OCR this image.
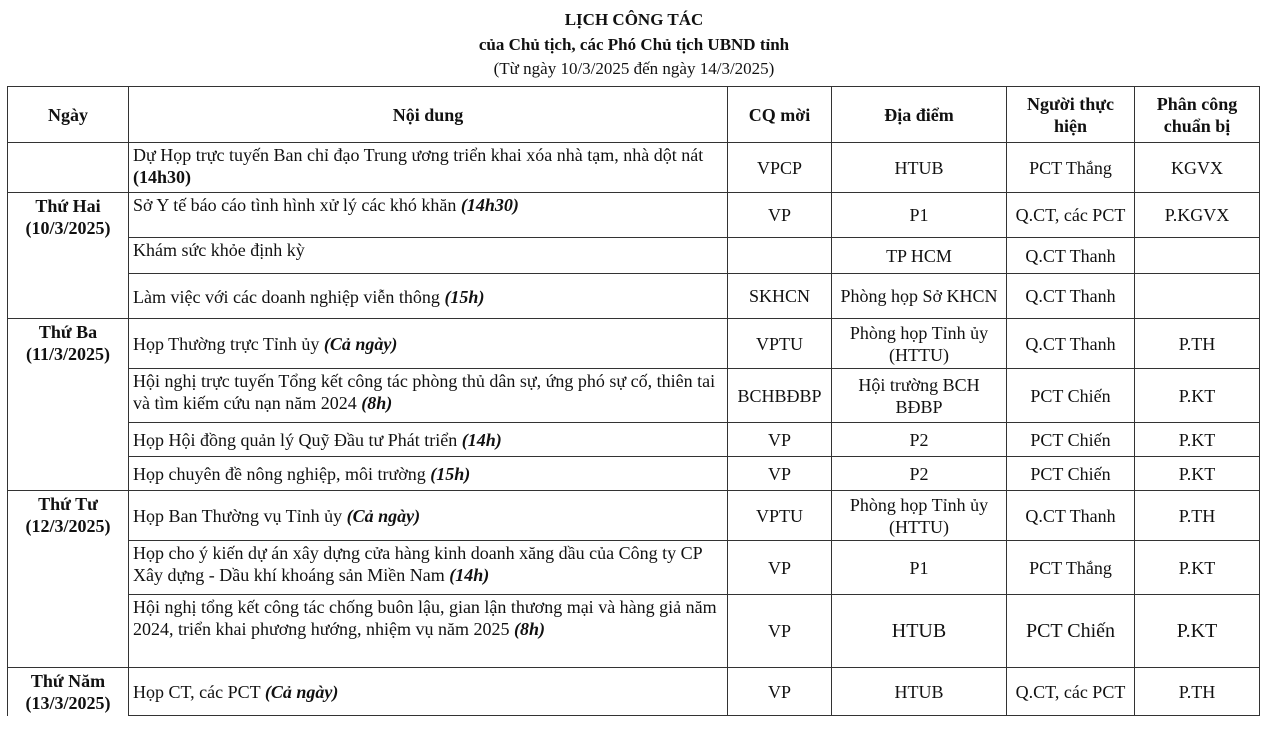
LỊCH CÔNG TÁC
của Chủ tịch, các Phó Chủ tịch UBND tỉnh
(Từ ngày 10/3/2025 đến ngày 14/3/2025)
Ngày	Nội dung	CQ mời	Địa điểm	Người thực hiện	Phân công chuẩn bị
	Dự Họp trực tuyến Ban chỉ đạo Trung ương triển khai xóa nhà tạm, nhà dột nát (14h30)	VPCP	HTUB	PCT Thắng	KGVX

Thứ Hai (10/3/2025)	Sở Y tế báo cáo tình hình xử lý các khó khăn (14h30)	VP	P1	Q.CT, các PCT	P.KGVX
	Khám sức khỏe định kỳ		TP HCM	Q.CT Thanh	
	Làm việc với các doanh nghiệp viễn thông (15h)	SKHCN	Phòng họp Sở KHCN	Q.CT Thanh	

Thứ Ba (11/3/2025)	Họp Thường trực Tỉnh ủy (Cả ngày)	VPTU	Phòng họp Tỉnh ủy (HTTU)	Q.CT Thanh	P.TH
	Hội nghị trực tuyến Tổng kết công tác phòng thủ dân sự, ứng phó sự cố, thiên tai và tìm kiếm cứu nạn năm 2024 (8h)	BCHBĐBP	Hội trường BCH BĐBP	PCT Chiến	P.KT
	Họp Hội đồng quản lý Quỹ Đầu tư Phát triển (14h)	VP	P2	PCT Chiến	P.KT
	Họp chuyên đề nông nghiệp, môi trường (15h)	VP	P2	PCT Chiến	P.KT

Thứ Tư (12/3/2025)	Họp Ban Thường vụ Tỉnh ủy (Cả ngày)	VPTU	Phòng họp Tỉnh ủy (HTTU)	Q.CT Thanh	P.TH
	Họp cho ý kiến dự án xây dựng cửa hàng kinh doanh xăng dầu của Công ty CP Xây dựng - Dầu khí khoáng sản Miền Nam (14h)	VP	P1	PCT Thắng	P.KT
	Hội nghị tổng kết công tác chống buôn lậu, gian lận thương mại và hàng giả năm 2024, triển khai phương hướng, nhiệm vụ năm 2025 (8h)	VP	HTUB	PCT Chiến	P.KT

Thứ Năm (13/3/2025)	Họp CT, các PCT (Cả ngày)	VP	HTUB	Q.CT, các PCT	P.TH
